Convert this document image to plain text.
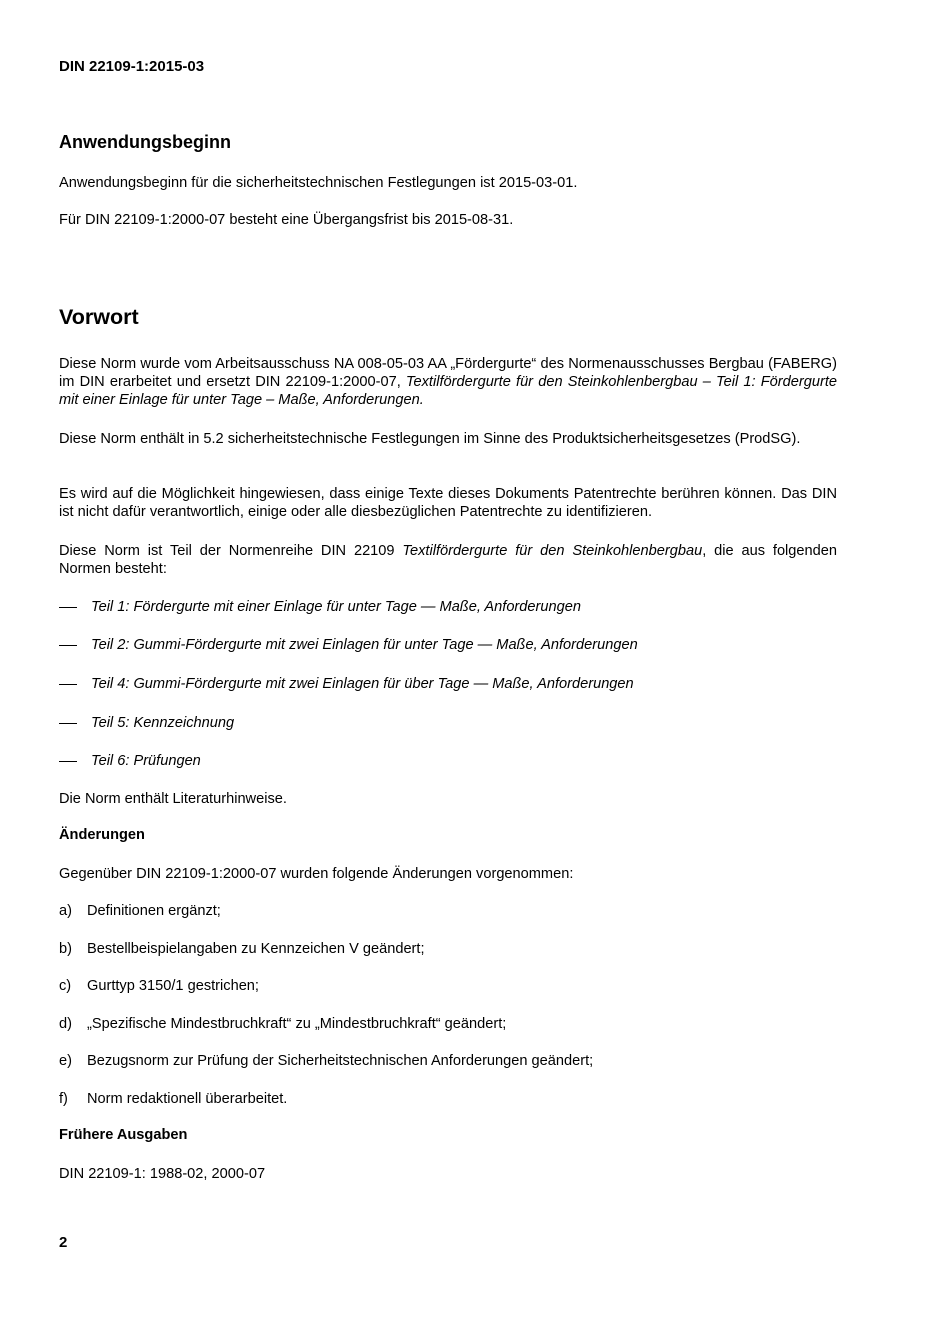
DIN 22109-1:2015-03
Anwendungsbeginn
Anwendungsbeginn für die sicherheitstechnischen Festlegungen ist 2015-03-01.
Für DIN 22109-1:2000-07 besteht eine Übergangsfrist bis 2015-08-31.
Vorwort
Diese Norm wurde vom Arbeitsausschuss NA 008-05-03 AA „Fördergurte“ des Normenausschusses Bergbau (FABERG) im DIN erarbeitet und ersetzt DIN 22109-1:2000-07, Textilfördergurte für den Steinkohlenbergbau – Teil 1: Fördergurte mit einer Einlage für unter Tage – Maße, Anforderungen.
Diese Norm enthält in 5.2 sicherheitstechnische Festlegungen im Sinne des Produktsicherheitsgesetzes (ProdSG).
Es wird auf die Möglichkeit hingewiesen, dass einige Texte dieses Dokuments Patentrechte berühren können. Das DIN ist nicht dafür verantwortlich, einige oder alle diesbezüglichen Patentrechte zu identifizieren.
Diese Norm ist Teil der Normenreihe DIN 22109 Textilfördergurte für den Steinkohlenbergbau, die aus folgenden Normen besteht:
Teil 1: Fördergurte mit einer Einlage für unter Tage — Maße, Anforderungen
Teil 2: Gummi-Fördergurte mit zwei Einlagen für unter Tage — Maße, Anforderungen
Teil 4: Gummi-Fördergurte mit zwei Einlagen für über Tage — Maße, Anforderungen
Teil 5: Kennzeichnung
Teil 6: Prüfungen
Die Norm enthält Literaturhinweise.
Änderungen
Gegenüber DIN 22109-1:2000-07 wurden folgende Änderungen vorgenommen:
a) Definitionen ergänzt;
b) Bestellbeispielangaben zu Kennzeichen V geändert;
c) Gurttyp 3150/1 gestrichen;
d) „Spezifische Mindestbruchkraft“ zu „Mindestbruchkraft“ geändert;
e) Bezugsnorm zur Prüfung der Sicherheitstechnischen Anforderungen geändert;
f) Norm redaktionell überarbeitet.
Frühere Ausgaben
DIN 22109-1: 1988-02, 2000-07
2
